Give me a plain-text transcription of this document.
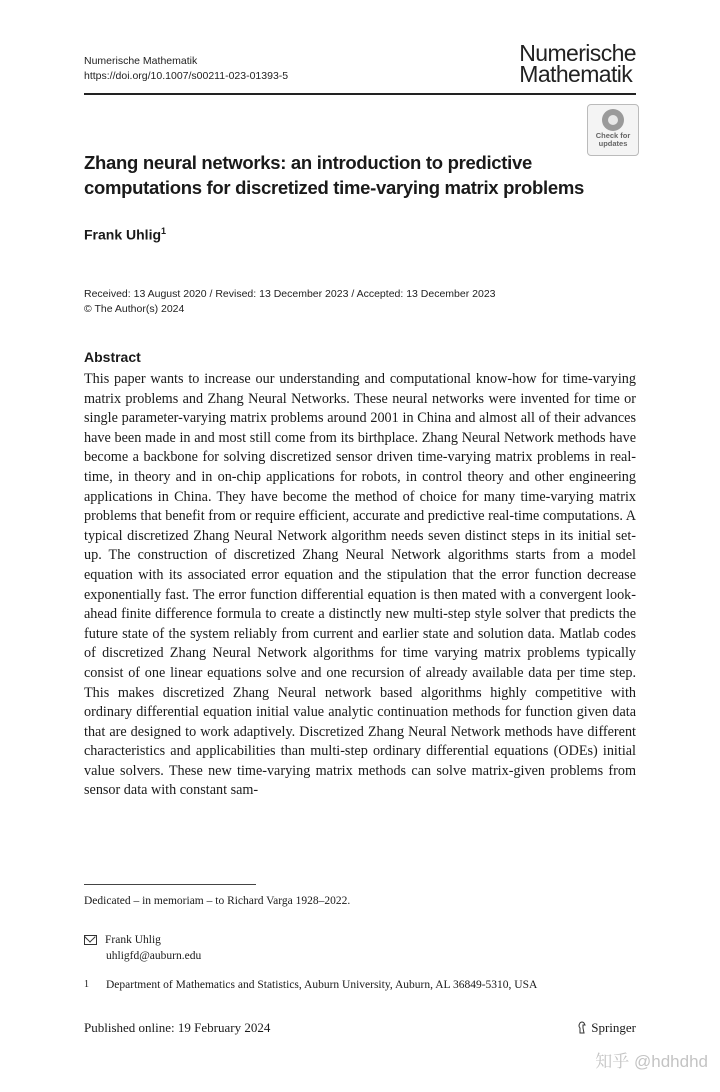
Numerische Mathematik
https://doi.org/10.1007/s00211-023-01393-5
Numerische
Mathematik
Check for
updates
Zhang neural networks: an introduction to predictive computations for discretized time-varying matrix problems
Frank Uhlig$^1$
Received: 13 August 2020 / Revised: 13 December 2023 / Accepted: 13 December 2023
© The Author(s) 2024
Abstract

This paper wants to increase our understanding and computational know-how for time-varying matrix problems and Zhang Neural Networks. These neural networks were invented for time or single parameter-varying matrix problems around 2001 in China and almost all of their advances have been made in and most still come from its birthplace. Zhang Neural Network methods have become a backbone for solving discretized sensor driven time-varying matrix problems in real-time, in theory and in on-chip applications for robots, in control theory and other engineering applications in China. They have become the method of choice for many time-varying matrix problems that benefit from or require efficient, accurate and predictive real-time computations. A typical discretized Zhang Neural Network algorithm needs seven distinct steps in its initial set-up. The construction of discretized Zhang Neural Network algorithms starts from a model equation with its associated error equation and the stipulation that the error function decrease exponentially fast. The error function differential equation is then mated with a convergent look-ahead finite difference formula to create a distinctly new multi-step style solver that predicts the future state of the system reliably from current and earlier state and solution data. Matlab codes of discretized Zhang Neural Network algorithms for time varying matrix problems typically consist of one linear equations solve and one recursion of already available data per time step. This makes discretized Zhang Neural network based algorithms highly competitive with ordinary differential equation initial value analytic continuation methods for function given data that are designed to work adaptively. Discretized Zhang Neural Network methods have different characteristics and applicabilities than multi-step ordinary differential equations (ODEs) initial value solvers. These new time-varying matrix methods can solve matrix-given problems from sensor data with constant sam-

Dedicated – in memoriam – to Richard Varga 1928–2022.
Frank Uhlig
uhligfd@auburn.edu
1 Department of Mathematics and Statistics, Auburn University, Auburn, AL 36849-5310, USA
Published online: 19 February 2024	Springer
知乎 @hdhdhd
